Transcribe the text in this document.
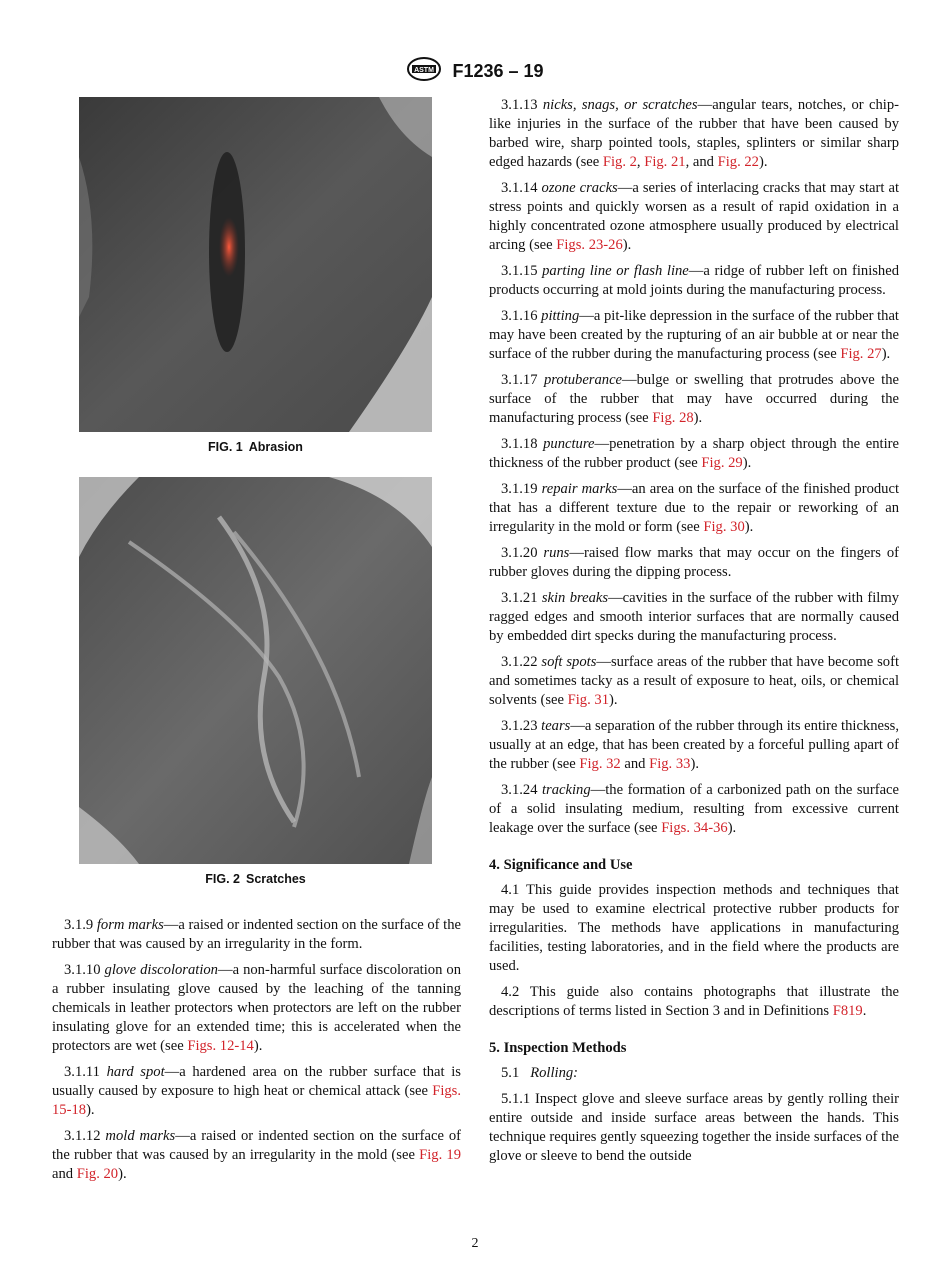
ASTM F1236 – 19
FIG. 1 Abrasion
FIG. 2 Scratches

3.1.9 form marks—a raised or indented section on the surface of the rubber that was caused by an irregularity in the form.

3.1.10 glove discoloration—a non-harmful surface discoloration on a rubber insulating glove caused by the leaching of the tanning chemicals in leather protectors when protectors are left on the rubber insulating glove for an extended time; this is accelerated when the protectors are wet (see Figs. 12-14).

3.1.11 hard spot—a hardened area on the rubber surface that is usually caused by exposure to high heat or chemical attack (see Figs. 15-18).

3.1.12 mold marks—a raised or indented section on the surface of the rubber that was caused by an irregularity in the mold (see Fig. 19 and Fig. 20).

3.1.13 nicks, snags, or scratches—angular tears, notches, or chip-like injuries in the surface of the rubber that have been caused by barbed wire, sharp pointed tools, staples, splinters or similar sharp edged hazards (see Fig. 2, Fig. 21, and Fig. 22).

3.1.14 ozone cracks—a series of interlacing cracks that may start at stress points and quickly worsen as a result of rapid oxidation in a highly concentrated ozone atmosphere usually produced by electrical arcing (see Figs. 23-26).

3.1.15 parting line or flash line—a ridge of rubber left on finished products occurring at mold joints during the manufacturing process.

3.1.16 pitting—a pit-like depression in the surface of the rubber that may have been created by the rupturing of an air bubble at or near the surface of the rubber during the manufacturing process (see Fig. 27).

3.1.17 protuberance—bulge or swelling that protrudes above the surface of the rubber that may have occurred during the manufacturing process (see Fig. 28).

3.1.18 puncture—penetration by a sharp object through the entire thickness of the rubber product (see Fig. 29).

3.1.19 repair marks—an area on the surface of the finished product that has a different texture due to the repair or reworking of an irregularity in the mold or form (see Fig. 30).

3.1.20 runs—raised flow marks that may occur on the fingers of rubber gloves during the dipping process.

3.1.21 skin breaks—cavities in the surface of the rubber with filmy ragged edges and smooth interior surfaces that are normally caused by embedded dirt specks during the manufacturing process.

3.1.22 soft spots—surface areas of the rubber that have become soft and sometimes tacky as a result of exposure to heat, oils, or chemical solvents (see Fig. 31).

3.1.23 tears—a separation of the rubber through its entire thickness, usually at an edge, that has been created by a forceful pulling apart of the rubber (see Fig. 32 and Fig. 33).

3.1.24 tracking—the formation of a carbonized path on the surface of a solid insulating medium, resulting from excessive current leakage over the surface (see Figs. 34-36).

4. Significance and Use

4.1 This guide provides inspection methods and techniques that may be used to examine electrical protective rubber products for irregularities. The methods have applications in manufacturing facilities, testing laboratories, and in the field where the products are used.

4.2 This guide also contains photographs that illustrate the descriptions of terms listed in Section 3 and in Definitions F819.

5. Inspection Methods

5.1 Rolling:

5.1.1 Inspect glove and sleeve surface areas by gently rolling their entire outside and inside surface areas between the hands. This technique requires gently squeezing together the inside surfaces of the glove or sleeve to bend the outside

2
